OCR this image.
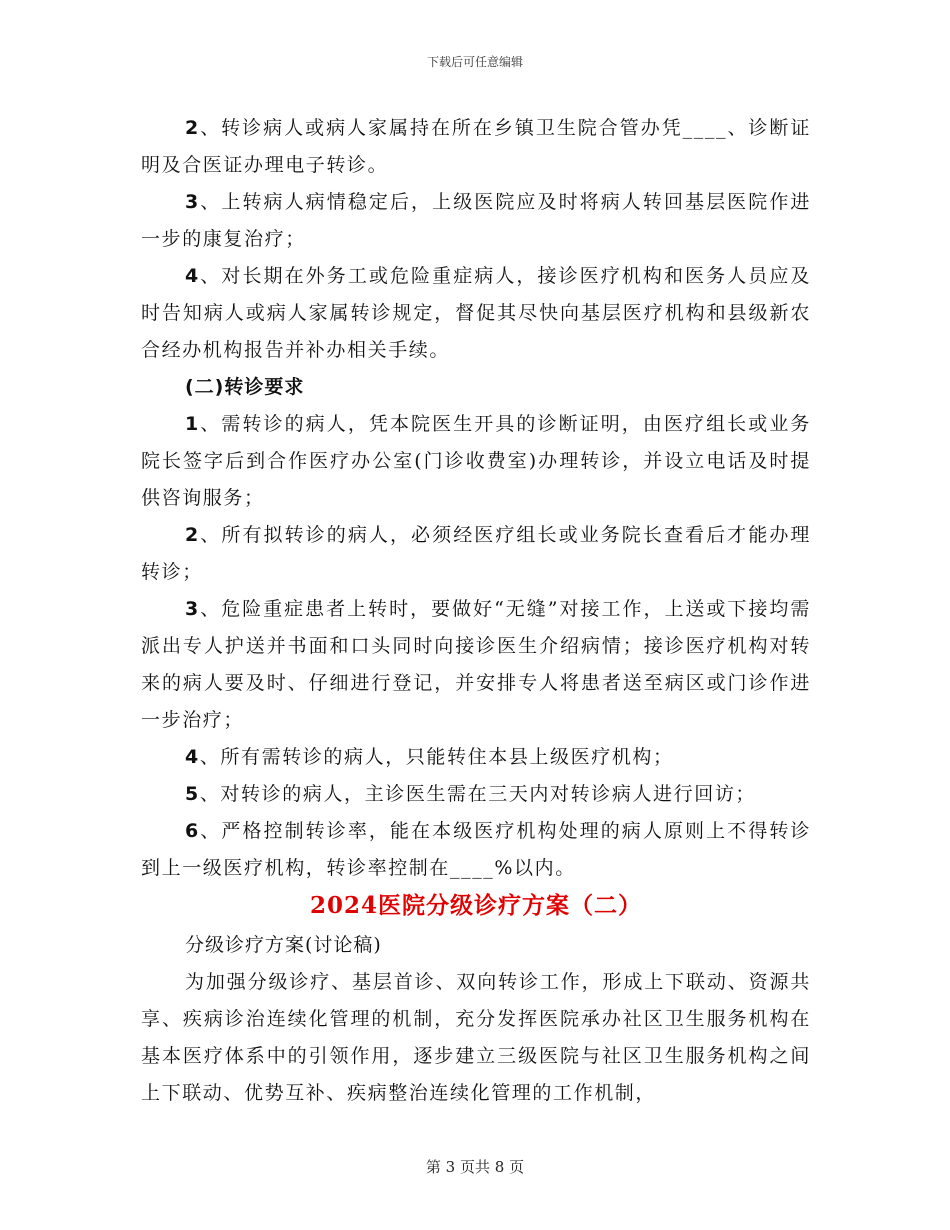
下载后可任意编辑

2、转诊病人或病人家属持在所在乡镇卫生院合管办凭____、诊断证明及合医证办理电子转诊。

3、上转病人病情稳定后，上级医院应及时将病人转回基层医院作进一步的康复治疗；

4、对长期在外务工或危险重症病人，接诊医疗机构和医务人员应及时告知病人或病人家属转诊规定，督促其尽快向基层医疗机构和县级新农合经办机构报告并补办相关手续。

(二)转诊要求

1、需转诊的病人，凭本院医生开具的诊断证明，由医疗组长或业务院长签字后到合作医疗办公室(门诊收费室)办理转诊，并设立电话及时提供咨询服务；

2、所有拟转诊的病人，必须经医疗组长或业务院长查看后才能办理转诊；

3、危险重症患者上转时，要做好“无缝”对接工作，上送或下接均需派出专人护送并书面和口头同时向接诊医生介绍病情；接诊医疗机构对转来的病人要及时、仔细进行登记，并安排专人将患者送至病区或门诊作进一步治疗；

4、所有需转诊的病人，只能转住本县上级医疗机构；

5、对转诊的病人，主诊医生需在三天内对转诊病人进行回访；

6、严格控制转诊率，能在本级医疗机构处理的病人原则上不得转诊到上一级医疗机构，转诊率控制在____%以内。

2024医院分级诊疗方案（二）

分级诊疗方案(讨论稿)

为加强分级诊疗、基层首诊、双向转诊工作，形成上下联动、资源共享、疾病诊治连续化管理的机制，充分发挥医院承办社区卫生服务机构在基本医疗体系中的引领作用，逐步建立三级医院与社区卫生服务机构之间上下联动、优势互补、疾病整治连续化管理的工作机制，

第 3 页共 8 页
